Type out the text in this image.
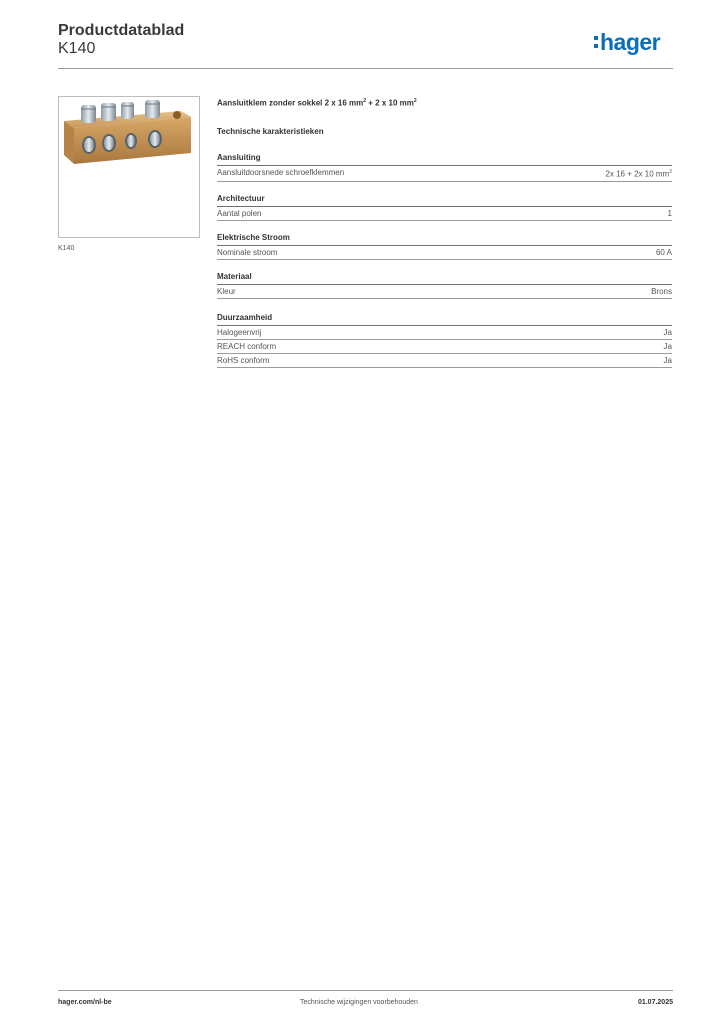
Productdatablad
K140	hager
K140
Aansluitklem zonder sokkel 2 x 16 $mm^2 + 2$ x 10 $mm^2$
Technische karakteristieken
Aansluiting
Aansluitdoorsnede schroefklemmen	2x 16 + 2x 10 $mm^2$
Architectuur
Aantal polen	1
Elektrische Stroom
Nominale stroom	60 A
Materiaal
Kleur	Brons
Duurzaamheid
Halogeenvrij	Ja
REACH conform	Ja
RoHS conform	Ja
hager.com/nl-be	Technische wijzigingen voorbehouden	01.07.2025
